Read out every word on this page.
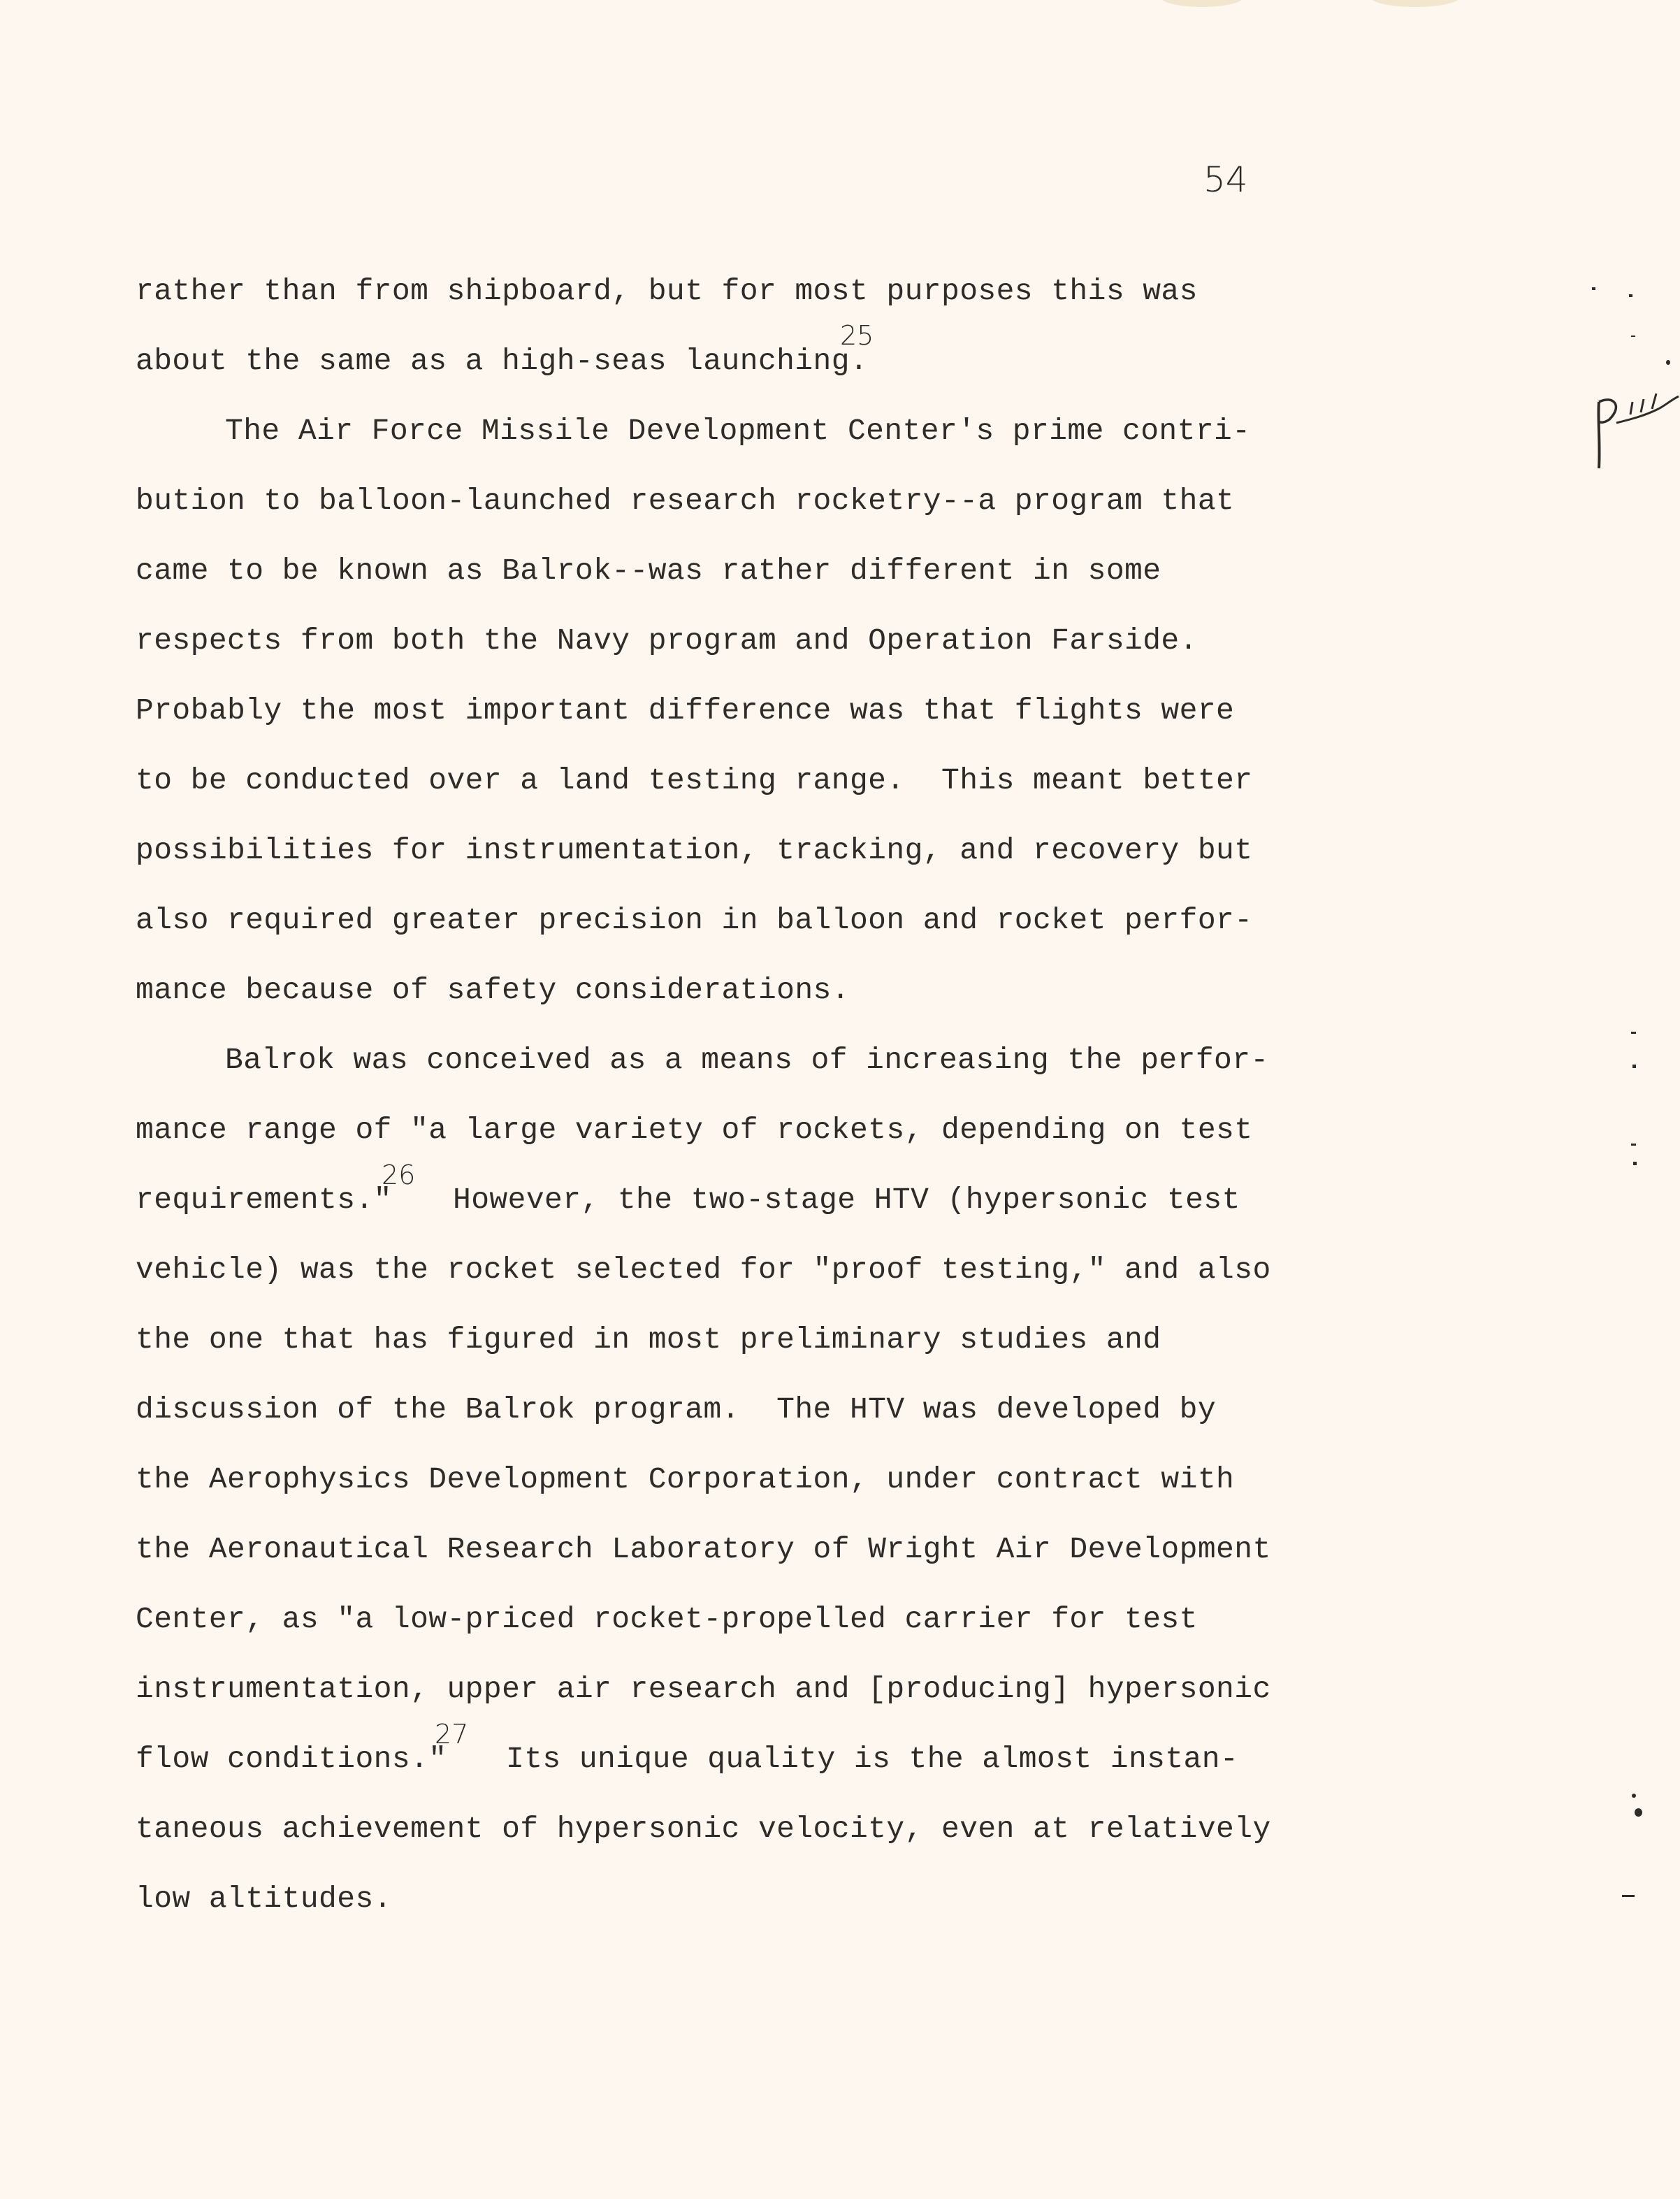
54
rather than from shipboard, but for most purposes this was
about the same as a high-seas launching.
25
The Air Force Missile Development Center's prime contri-
bution to balloon-launched research rocketry--a program that
came to be known as Balrok--was rather different in some
respects from both the Navy program and Operation Farside.
Probably the most important difference was that flights were
to be conducted over a land testing range.  This meant better
possibilities for instrumentation, tracking, and recovery but
also required greater precision in balloon and rocket perfor-
mance because of safety considerations.
Balrok was conceived as a means of increasing the perfor-
mance range of "a large variety of rockets, depending on test
requirements."
26
However, the two-stage HTV (hypersonic test
vehicle) was the rocket selected for "proof testing," and also
the one that has figured in most preliminary studies and
discussion of the Balrok program.  The HTV was developed by
the Aerophysics Development Corporation, under contract with
the Aeronautical Research Laboratory of Wright Air Development
Center, as "a low-priced rocket-propelled carrier for test
instrumentation, upper air research and [producing] hypersonic
flow conditions."
27
Its unique quality is the almost instan-
taneous achievement of hypersonic velocity, even at relatively
low altitudes.
